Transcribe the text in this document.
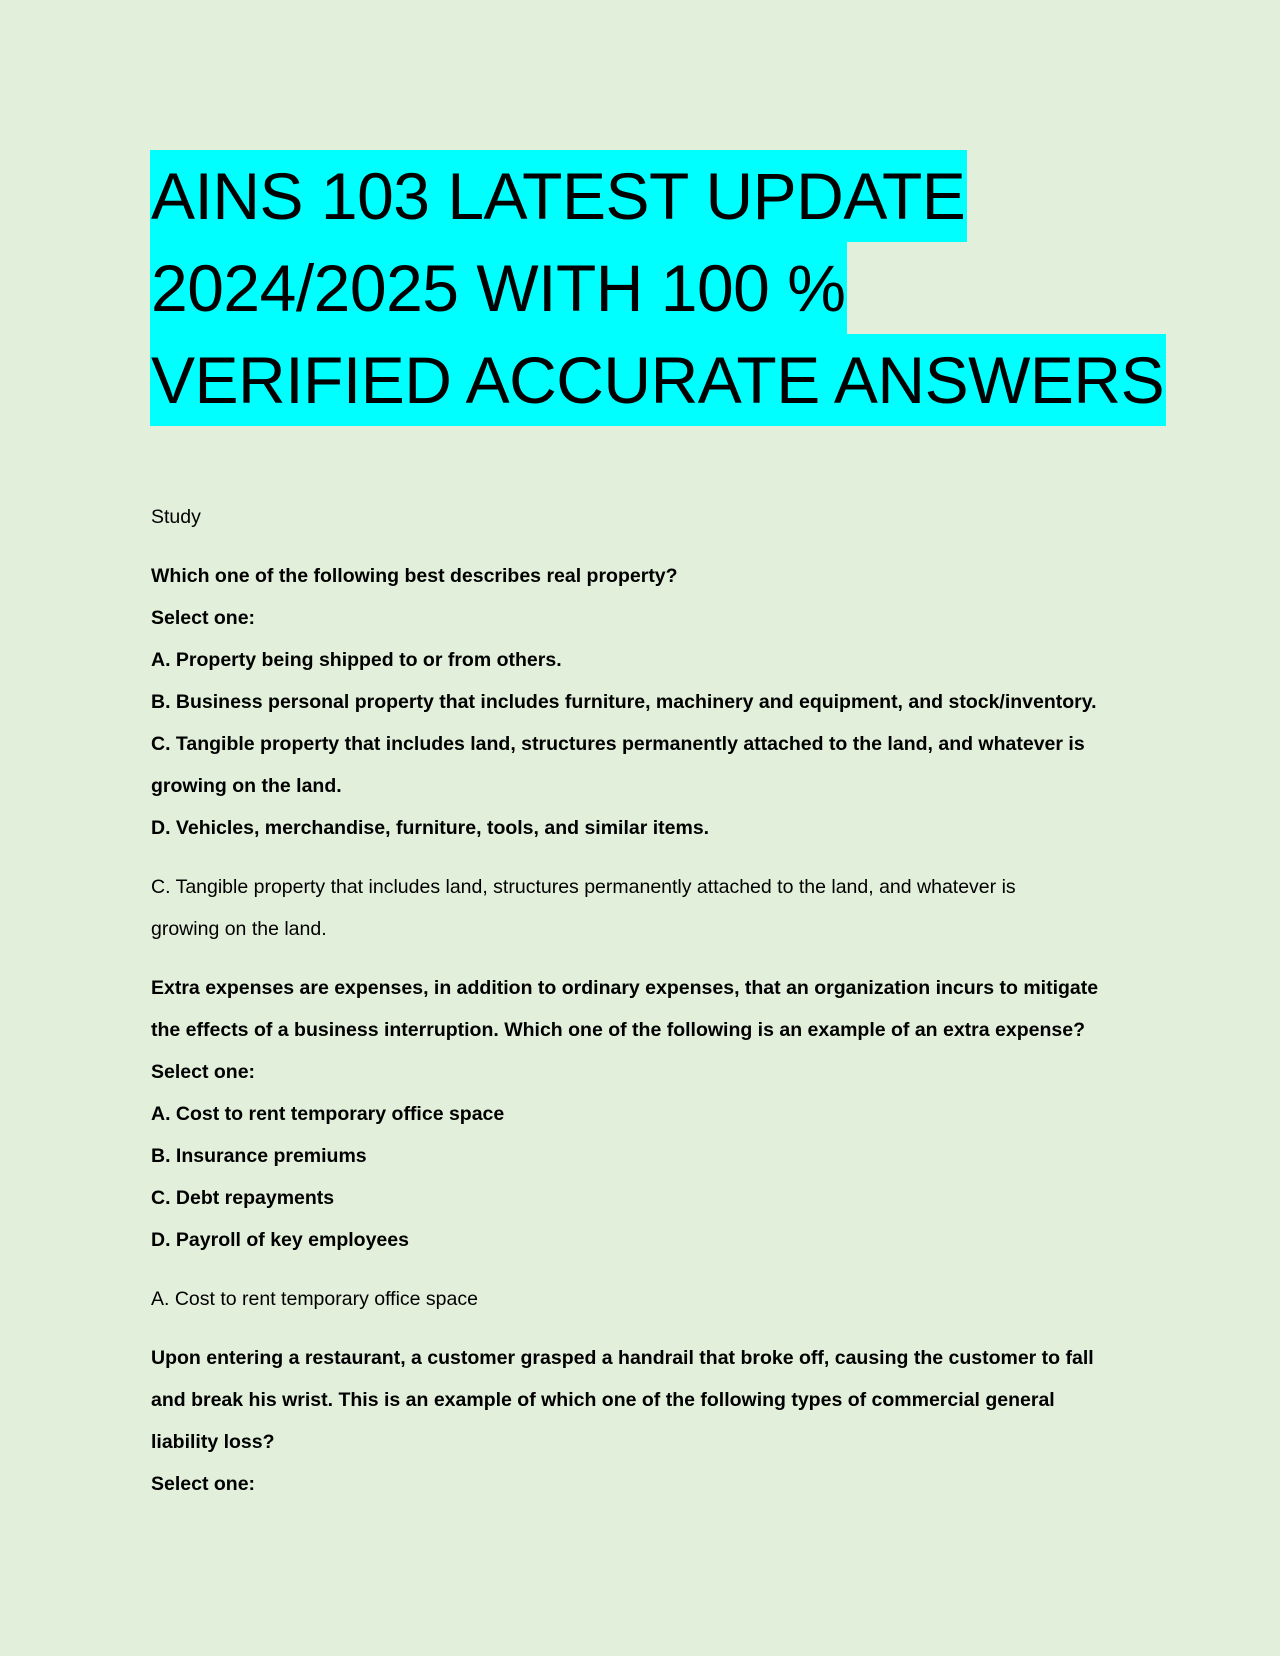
AINS 103 LATEST UPDATE
2024/2025 WITH 100 %
VERIFIED ACCURATE ANSWERS
Study
Which one of the following best describes real property?
Select one:
A. Property being shipped to or from others.
B. Business personal property that includes furniture, machinery and equipment, and stock/inventory.
C. Tangible property that includes land, structures permanently attached to the land, and whatever is
growing on the land.
D. Vehicles, merchandise, furniture, tools, and similar items.
C. Tangible property that includes land, structures permanently attached to the land, and whatever is
growing on the land.
Extra expenses are expenses, in addition to ordinary expenses, that an organization incurs to mitigate
the effects of a business interruption. Which one of the following is an example of an extra expense?
Select one:
A. Cost to rent temporary office space
B. Insurance premiums
C. Debt repayments
D. Payroll of key employees
A. Cost to rent temporary office space
Upon entering a restaurant, a customer grasped a handrail that broke off, causing the customer to fall
and break his wrist. This is an example of which one of the following types of commercial general
liability loss?
Select one:
